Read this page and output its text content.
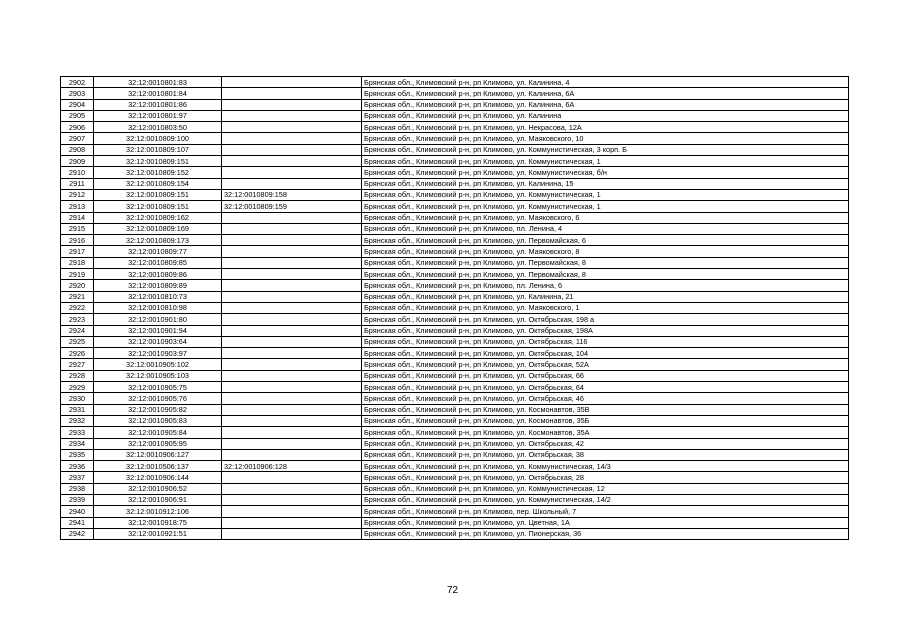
2902	32:12:0010801:83		Брянская обл., Климовский р-н, рп Климово, ул. Калинина, 4
2903	32:12:0010801:84		Брянская обл., Климовский р-н, рп Климово, ул. Калинина, 6А
2904	32:12:0010801:86		Брянская обл., Климовский р-н, рп Климово, ул. Калинина, 6А
2905	32:12:0010801:97		Брянская обл., Климовский р-н, рп Климово, ул. Калинина
2906	32:12:0010803:50		Брянская обл., Климовский р-н, рп Климово, ул. Некрасова, 12А
2907	32:12:0010809:100		Брянская обл., Климовский р-н, рп Климово, ул. Маяковского, 10
2908	32:12:0010809:107		Брянская обл., Климовский р-н, рп Климово, ул. Коммунистическая, 3 корп. Б
2909	32:12:0010809:151		Брянская обл., Климовский р-н, рп Климово, ул. Коммунистическая, 1
2910	32:12:0010809:152		Брянская обл., Климовский р-н, рп Климово, ул. Коммунистическая, б/н
2911	32:12:0010809:154		Брянская обл., Климовский р-н, рп Климово, ул. Калинина, 15
2912	32:12:0010809:151	32:12:0010809:158	Брянская обл., Климовский р-н, рп Климово, ул. Коммунистическая, 1
2913	32:12:0010809:151	32:12:0010809:159	Брянская обл., Климовский р-н, рп Климово, ул. Коммунистическая, 1
2914	32:12:0010809:162		Брянская обл., Климовский р-н, рп Климово, ул. Маяковского, 6
2915	32:12:0010809:169		Брянская обл., Климовский р-н, рп Климово, пл. Ленина, 4
2916	32:12:0010809:173		Брянская обл., Климовский р-н, рп Климово, ул. Первомайская, 6
2917	32:12:0010809:77		Брянская обл., Климовский р-н, рп Климово, ул. Маяковского, 8
2918	32:12:0010809:85		Брянская обл., Климовский р-н, рп Климово, ул. Первомайская, 8
2919	32:12:0010809:86		Брянская обл., Климовский р-н, рп Климово, ул. Первомайская, 8
2920	32:12:0010809:89		Брянская обл., Климовский р-н, рп Климово, пл. Ленина, 6
2921	32:12:0010810:73		Брянская обл., Климовский р-н, рп Климово, ул. Калинина, 21
2922	32:12:0010810:98		Брянская обл., Климовский р-н, рп Климово, ул. Маяковского, 1
2923	32:12:0010901:80		Брянская обл., Климовский р-н, рп Климово, ул. Октябрьская, 198 а
2924	32:12:0010901:94		Брянская обл., Климовский р-н, рп Климово, ул. Октябрьская, 198А
2925	32:12:0010903:64		Брянская обл., Климовский р-н, рп Климово, ул. Октябрьская, 116
2926	32:12:0010903:97		Брянская обл., Климовский р-н, рп Климово, ул. Октябрьская, 104
2927	32:12:0010905:102		Брянская обл., Климовский р-н, рп Климово, ул. Октябрьская, 52А
2928	32:12:0010905:103		Брянская обл., Климовский р-н, рп Климово, ул. Октябрьская, 66
2929	32:12:0010905:75		Брянская обл., Климовский р-н, рп Климово, ул. Октябрьская, 64
2930	32:12:0010905:76		Брянская обл., Климовский р-н, рп Климово, ул. Октябрьская, 46
2931	32:12:0010905:82		Брянская обл., Климовский р-н, рп Климово, ул. Космонавтов, 35В
2932	32:12:0010905:83		Брянская обл., Климовский р-н, рп Климово, ул. Космонавтов, 35Б
2933	32:12:0010905:84		Брянская обл., Климовский р-н, рп Климово, ул. Космонавтов, 35А
2934	32:12:0010905:95		Брянская обл., Климовский р-н, рп Климово, ул. Октябрьская, 42
2935	32:12:0010906:127		Брянская обл., Климовский р-н, рп Климово, ул. Октябрьская, 38
2936	32:12:0010506:137	32:12:0010906:128	Брянская обл., Климовский р-н, рп Климово, ул. Коммунистическая, 14/3
2937	32:12:0010906:144		Брянская обл., Климовский р-н, рп Климово, ул. Октябрьская, 28
2938	32:12:0010906:52		Брянская обл., Климовский р-н, рп Климово, ул. Коммунистическая, 12
2939	32:12:0010906:91		Брянская обл., Климовский р-н, рп Климово, ул. Коммунистическая, 14/2
2940	32:12:0010912:106		Брянская обл., Климовский р-н, рп Климово, пер. Школьный, 7
2941	32:12:0010918:75		Брянская обл., Климовский р-н, рп Климово, ул. Цветная, 1А
2942	32:12:0010921:51		Брянская обл., Климовский р-н, рп Климово, ул. Пионерская, 36
72
